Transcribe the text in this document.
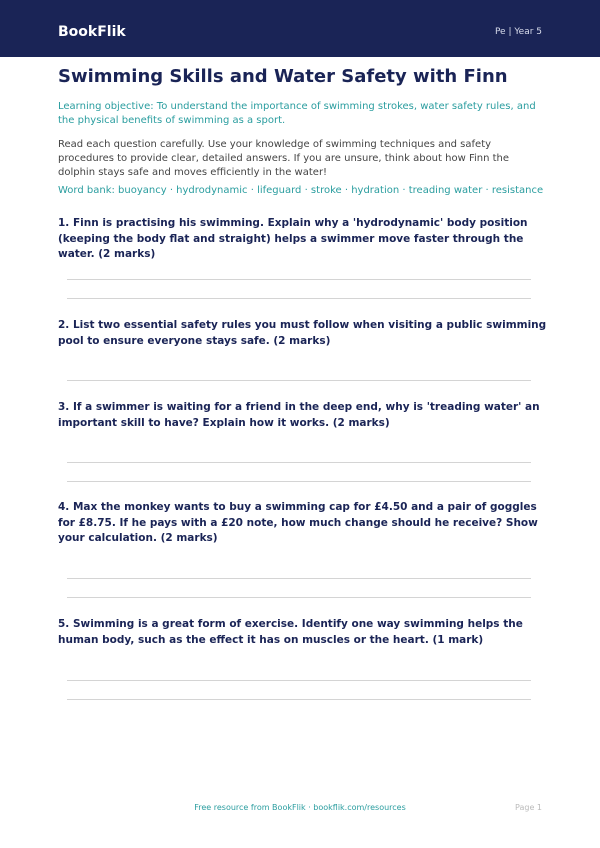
BookFlik	Pe | Year 5
Swimming Skills and Water Safety with Finn
Learning objective: To understand the importance of swimming strokes, water safety rules, and the physical benefits of swimming as a sport.
Read each question carefully. Use your knowledge of swimming techniques and safety procedures to provide clear, detailed answers. If you are unsure, think about how Finn the dolphin stays safe and moves efficiently in the water!
Word bank: buoyancy · hydrodynamic · lifeguard · stroke · hydration · treading water · resistance
1. Finn is practising his swimming. Explain why a 'hydrodynamic' body position (keeping the body flat and straight) helps a swimmer move faster through the water. (2 marks)
2. List two essential safety rules you must follow when visiting a public swimming pool to ensure everyone stays safe. (2 marks)
3. If a swimmer is waiting for a friend in the deep end, why is 'treading water' an important skill to have? Explain how it works. (2 marks)
4. Max the monkey wants to buy a swimming cap for £4.50 and a pair of goggles for £8.75. If he pays with a £20 note, how much change should he receive? Show your calculation. (2 marks)
5. Swimming is a great form of exercise. Identify one way swimming helps the human body, such as the effect it has on muscles or the heart. (1 mark)
Free resource from BookFlik · bookflik.com/resources	Page 1
